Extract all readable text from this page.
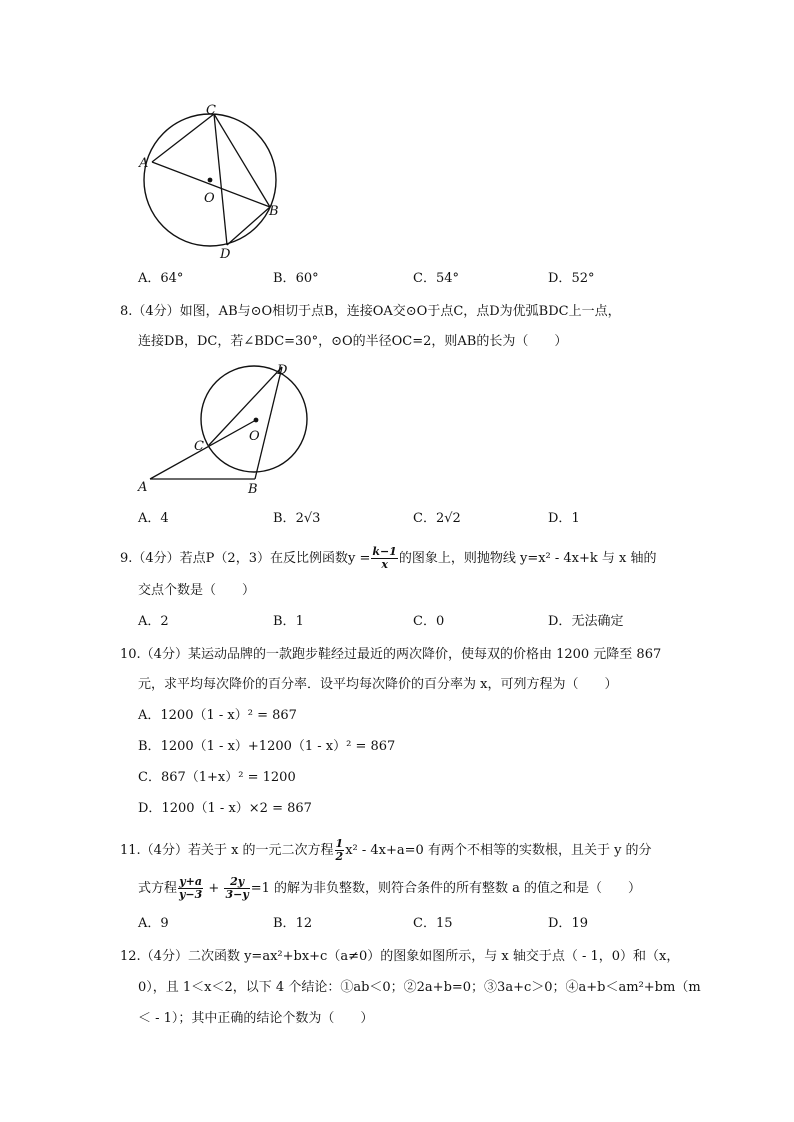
C
A
O
B
D
A．64°	B．60°	C．54°	D．52°
8.（4分）如图，AB与⊙O相切于点B，连接OA交⊙O于点C，点D为优弧BDC上一点，
连接DB，DC，若∠BDC=30°，⊙O的半径OC=2，则AB的长为（　　）
D
O
C
A	B
A．4	B．2√3	C．2√2	D．1
9.（4分）若点P（2，3）在反比例函数$y = \frac{k-1}{x}$ 的图象上，则抛物线 y=x² - 4x+k 与 x 轴的
交点个数是（　　）
A．2	B．1	C．0	D．无法确定
10.（4分）某运动品牌的一款跑步鞋经过最近的两次降价，使每双的价格由 1200 元降至 867
元，求平均每次降价的百分率．设平均每次降价的百分率为 x，可列方程为（　　）
A．1200（1 - x）² = 867
B．1200（1 - x）+1200（1 - x）² = 867
C．867（1+x）² = 1200
D．1200（1 - x）×2 = 867
11.（4分）若关于 x 的一元二次方程 $\frac{1}{2} x^2 - 4x+a=0$ 有两个不相等的实数根，且关于 y 的分
式方程 $\frac{y+a}{y-3} + \frac{2y}{3-y} =1$ 的解为非负整数，则符合条件的所有整数 a 的值之和是（　　）
A．9	B．12	C．15	D．19
12.（4分）二次函数 y=ax²+bx+c（a≠0）的图象如图所示，与 x 轴交于点（ - 1，0）和（x，
0），且 1＜x＜2，以下 4 个结论：①ab＜0；②2a+b=0；③3a+c＞0；④a+b＜am²+bm（m
＜ - 1）；其中正确的结论个数为（　　）
